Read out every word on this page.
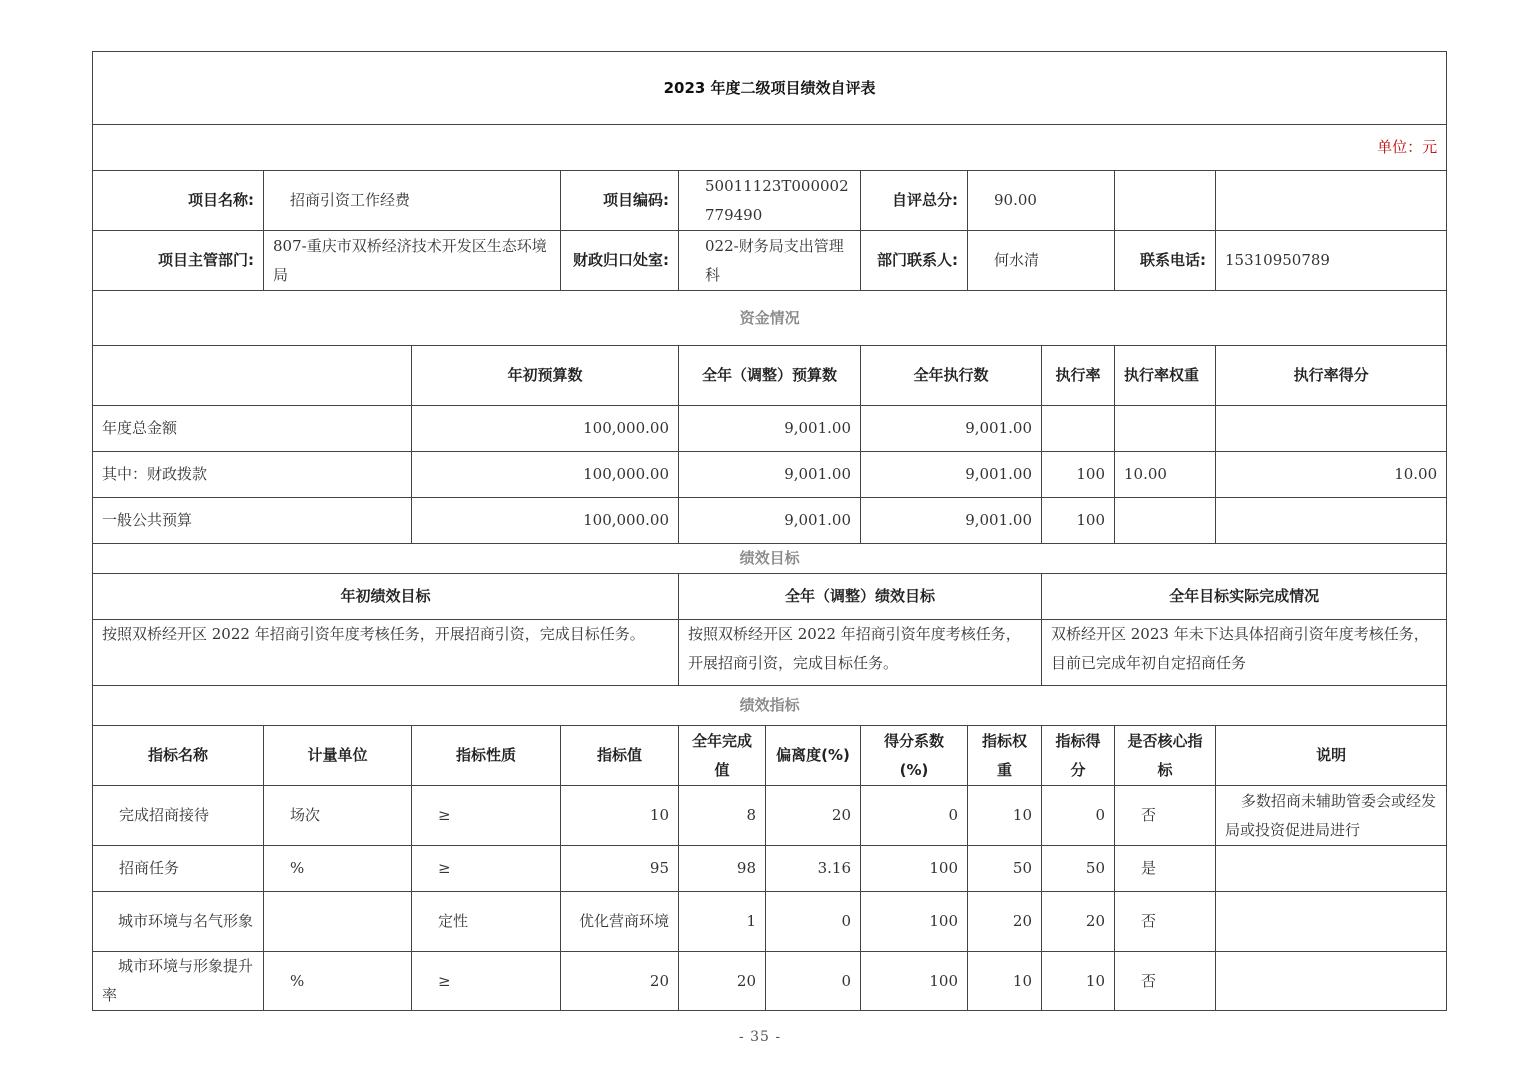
2023 年度二级项目绩效自评表										
单位：元										
项目名称:	招商引资工作经费		项目编码:	50011123T000002779490		自评总分:	90.00			
项目主管部门:	807-重庆市双桥经济技术开发区生态环境局		财政归口处室:	022-财务局支出管理科		部门联系人:	何水清		联系电话:	15310950789
资金情况										
		年初预算数		全年（调整）预算数		全年执行数		执行率	执行率权重	执行率得分
年度总金额		100,000.00		9,001.00		9,001.00				
其中：财政拨款		100,000.00		9,001.00		9,001.00		100	10.00	10.00
一般公共预算		100,000.00		9,001.00		9,001.00		100		
绩效目标										
年初绩效目标				全年（调整）绩效目标				全年目标实际完成情况		
按照双桥经开区 2022 年招商引资年度考核任务，开展招商引资，完成目标任务。				按照双桥经开区 2022 年招商引资年度考核任务，开展招商引资，完成目标任务。				双桥经开区 2023 年未下达具体招商引资年度考核任务，目前已完成年初自定招商任务		
绩效指标										
指标名称	计量单位	指标性质	指标值	全年完成值	偏离度(%)	得分系数(%)	指标权重	指标得分	是否核心指标	说明
完成招商接待	场次	≥	10	8	20	0	10	0	否	多数招商未辅助管委会或经发局或投资促进局进行
招商任务	%	≥	95	98	3.16	100	50	50	是	
城市环境与名气形象		定性	优化营商环境	1	0	100	20	20	否	
城市环境与形象提升率	%	≥	20	20	0	100	10	10	否	
- 35 -
